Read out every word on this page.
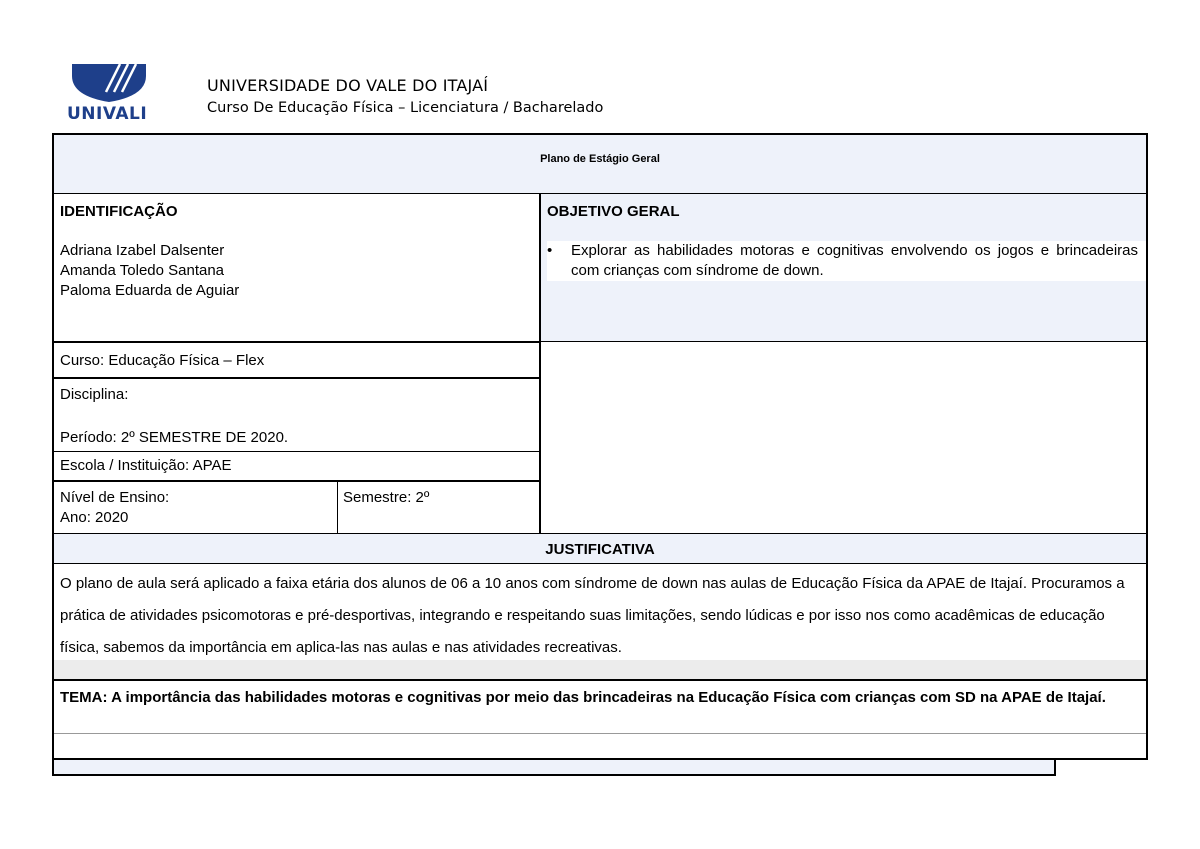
UNIVALI
UNIVERSIDADE DO VALE DO ITAJAÍ
Curso De Educação Física – Licenciatura / Bacharelado
Plano de Estágio Geral
IDENTIFICAÇÃO
Adriana Izabel Dalsenter
Amanda Toledo Santana
Paloma Eduarda de Aguiar
OBJETIVO GERAL
•	Explorar as habilidades motoras e cognitivas envolvendo os jogos e brincadeiras com crianças com síndrome de down.
Curso: Educação Física – Flex
Disciplina:
Período: 2º SEMESTRE DE 2020.
Escola / Instituição: APAE
Nível de Ensino:
Ano: 2020
Semestre: 2º
JUSTIFICATIVA
O plano de aula será aplicado a faixa etária dos alunos de 06 a 10 anos com síndrome de down nas aulas de Educação Física da APAE de Itajaí. Procuramos a prática de atividades psicomotoras e pré-desportivas, integrando e respeitando suas limitações, sendo lúdicas e por isso nos como acadêmicas de educação física, sabemos da importância em aplica-las nas aulas e nas atividades recreativas.
TEMA: A importância das habilidades motoras e cognitivas por meio das brincadeiras na Educação Física com crianças com SD na APAE de Itajaí.
